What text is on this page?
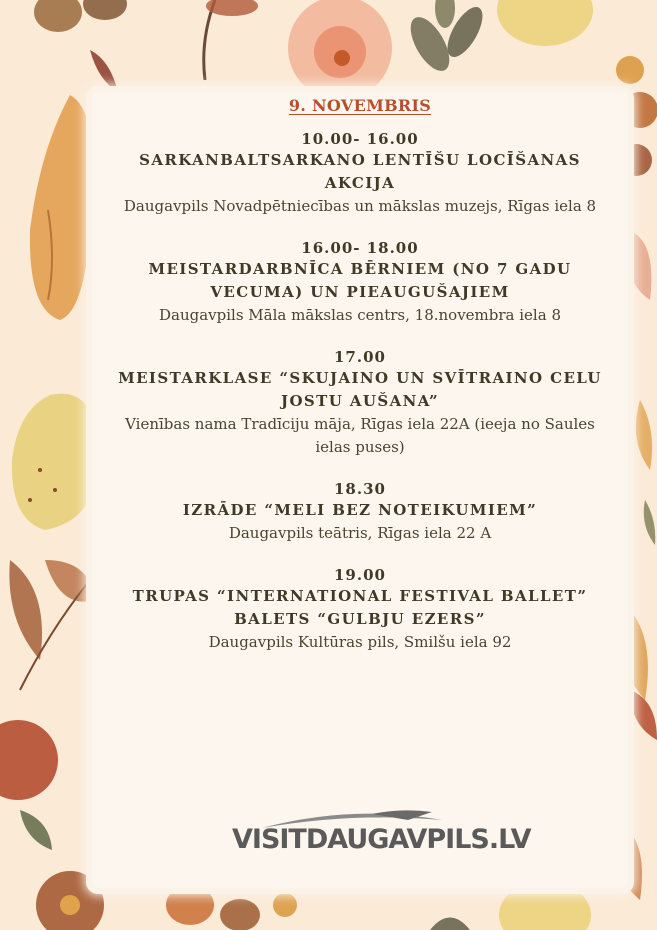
9. NOVEMBRIS
10.00- 16.00
SARKANBALTSARKANO LENTĪŠU LOCĪŠANAS AKCIJA
Daugavpils Novadpētniecības un mākslas muzejs, Rīgas iela 8
16.00- 18.00
MEISTARDARBNĪCA BĒRNIEM (NO 7 GADU VECUMA) UN PIEAUGUŠAJIEM
Daugavpils Māla mākslas centrs, 18.novembra iela 8
17.00
MEISTARKLASE “SKUJAINO UN SVĪTRAINO CELU JOSTU AUŠANA”
Vienības nama Tradīciju māja, Rīgas iela 22A (ieeja no Saules ielas puses)
18.30
IZRĀDE “MELI BEZ NOTEIKUMIEM”
Daugavpils teātris, Rīgas iela 22 A
19.00
TRUPAS “INTERNATIONAL FESTIVAL BALLET” BALETS “GULBJU EZERS”
Daugavpils Kultūras pils, Smilšu iela 92
VISITDAUGAVPILS.LV
